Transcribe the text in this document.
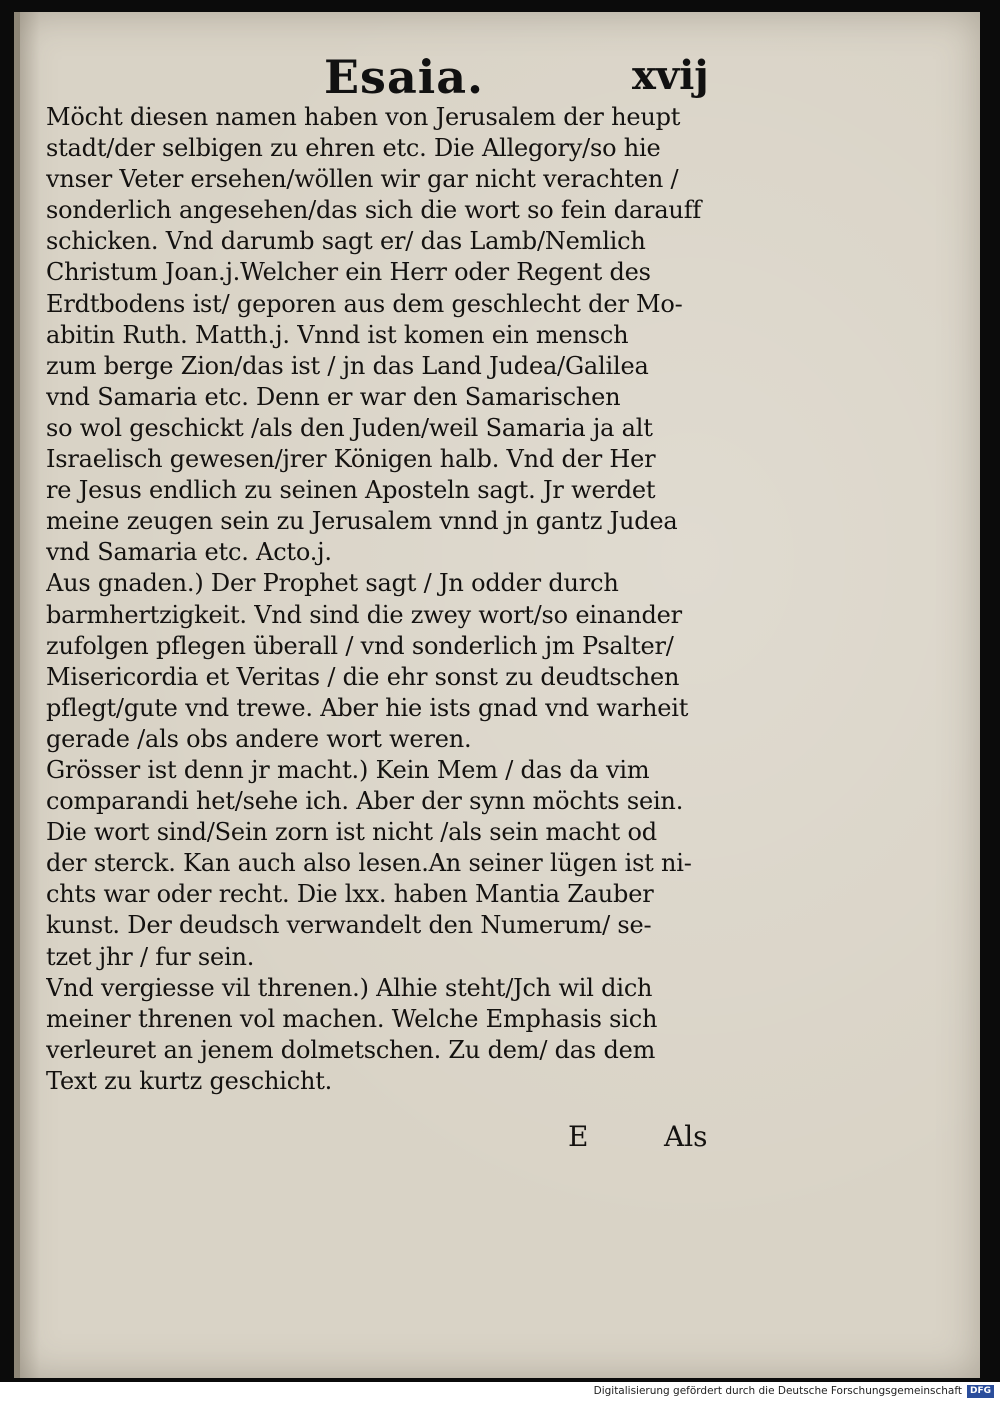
Esaia.	xvij
Möcht diesen namen haben von Jerusalem der heupt
stadt/der selbigen zu ehren etc. Die Allegory/so hie
vnser Veter ersehen/wöllen wir gar nicht verachten /
sonderlich angesehen/das sich die wort so fein darauff
schicken. Vnd darumb sagt er/ das Lamb/Nemlich
Christum Joan.j.Welcher ein Herr oder Regent des
Erdtbodens ist/ geporen aus dem geschlecht der Mo-
abitin Ruth. Matth.j. Vnnd ist komen ein mensch
zum berge Zion/das ist / jn das Land Judea/Galilea
vnd Samaria etc. Denn er war den Samarischen
so wol geschickt /als den Juden/weil Samaria ja alt
Israelisch gewesen/jrer Königen halb. Vnd der Her
re Jesus endlich zu seinen Aposteln sagt. Jr werdet
meine zeugen sein zu Jerusalem vnnd jn gantz Judea
vnd Samaria etc. Acto.j.
Aus gnaden.) Der Prophet sagt / Jn odder durch
barmhertzigkeit. Vnd sind die zwey wort/so einander
zufolgen pflegen überall / vnd sonderlich jm Psalter/
Misericordia et Veritas / die ehr sonst zu deudtschen
pflegt/gute vnd trewe. Aber hie ists gnad vnd warheit
gerade /als obs andere wort weren.
Grösser ist denn jr macht.) Kein Mem / das da vim
comparandi het/sehe ich. Aber der synn möchts sein.
Die wort sind/Sein zorn ist nicht /als sein macht od
der sterck. Kan auch also lesen.An seiner lügen ist ni-
chts war oder recht. Die lxx. haben Mantia Zauber
kunst. Der deudsch verwandelt den Numerum/ se-
tzet jhr / fur sein.
Vnd vergiesse vil threnen.) Alhie steht/Jch wil dich
meiner threnen vol machen. Welche Emphasis sich
verleuret an jenem dolmetschen. Zu dem/ das dem
Text zu kurtz geschicht.
E	Als
Digitalisierung gefördert durch die Deutsche Forschungsgemeinschaft DFG
